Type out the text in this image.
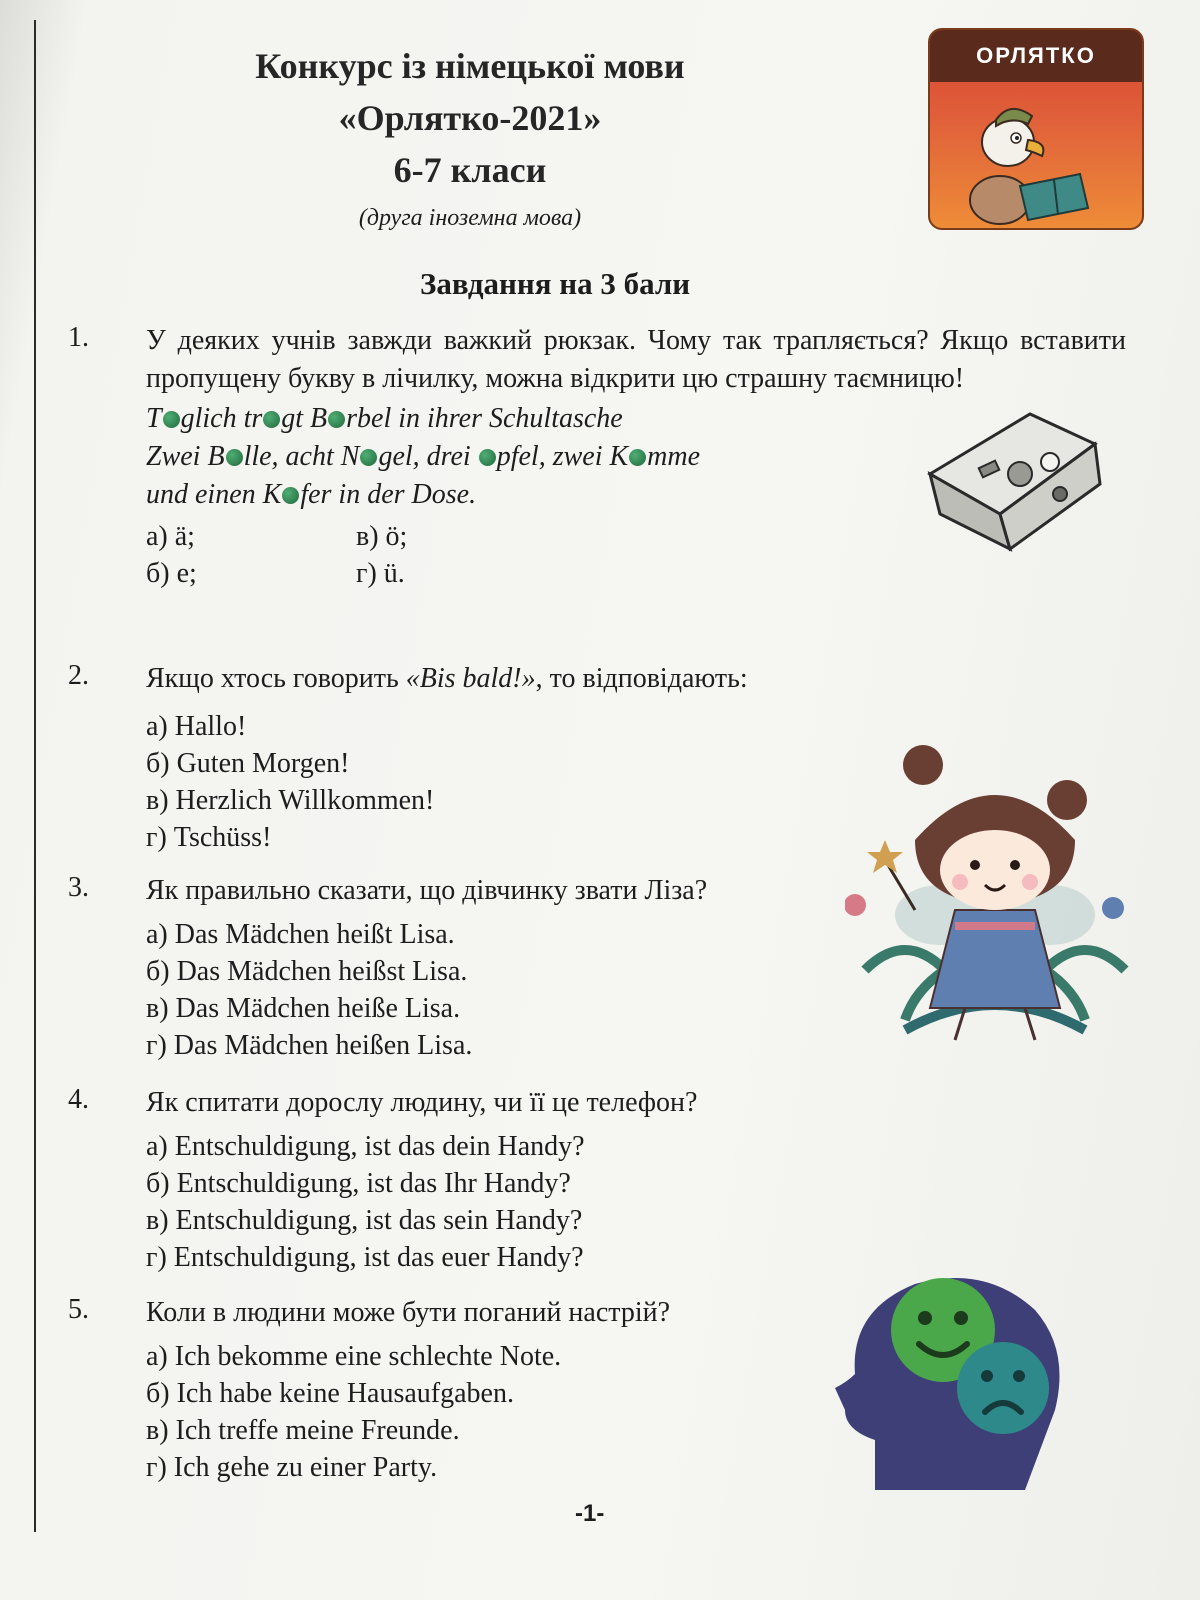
Конкурс із німецької мови
«Орлятко-2021»
6-7 класи
(друга іноземна мова)
ОРЛЯТКО
Завдання на 3 бали
1. У деяких учнів завжди важкий рюкзак. Чому так трапляється? Якщо вставити пропущену букву в лічилку, можна відкрити цю страшну таємницю!
T glich tr gt B rbel in ihrer Schultasche
Zwei B lle, acht N gel, drei pfel, zwei K mme
und einen K fer in der Dose.
а) ä;	в) ö;
б) е;	г) ü.
2. Якщо хтось говорить «Bis bald!», то відповідають:
а) Hallo!
б) Guten Morgen!
в) Herzlich Willkommen!
г) Tschüss!
3. Як правильно сказати, що дівчинку звати Ліза?
а) Das Mädchen heißt Lisa.
б) Das Mädchen heißst Lisa.
в) Das Mädchen heiße Lisa.
г) Das Mädchen heißen Lisa.
4. Як спитати дорослу людину, чи її це телефон?
а) Entschuldigung, ist das dein Handy?
б) Entschuldigung, ist das Ihr Handy?
в) Entschuldigung, ist das sein Handy?
г) Entschuldigung, ist das euer Handy?
5. Коли в людини може бути поганий настрій?
а) Ich bekomme eine schlechte Note.
б) Ich habe keine Hausaufgaben.
в) Ich treffe meine Freunde.
г) Ich gehe zu einer Party.
-1-
